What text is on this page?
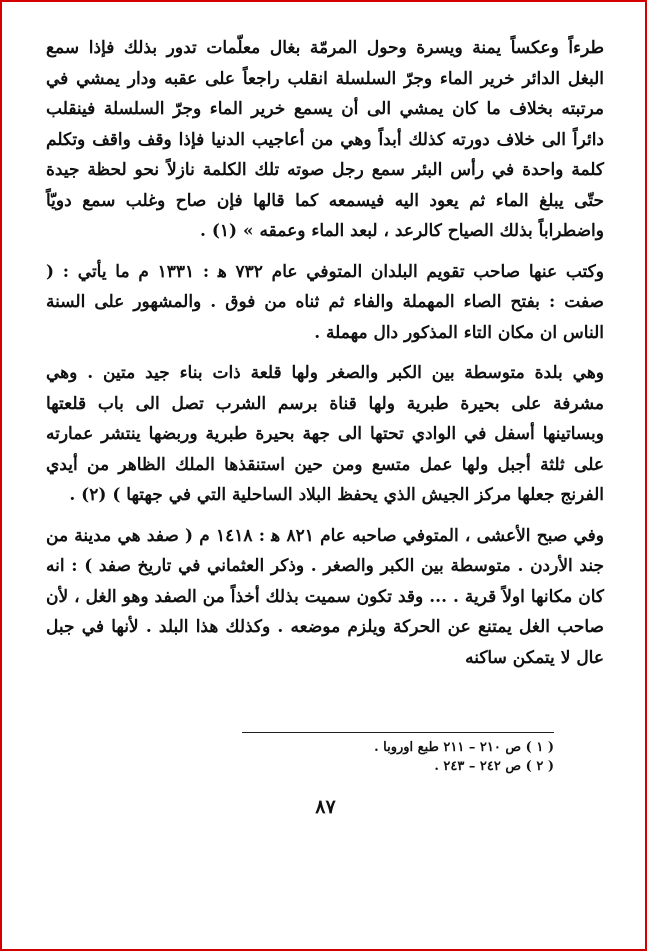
طرءاً وعكساً يمنة ويسرة وحول المرمّة بغال معلّمات تدور بذلك فإذا سمع البغل الدائر خرير الماء وجرّ السلسلة انقلب راجعاً على عقبه ودار يمشي في مرتبته بخلاف ما كان يمشي الى أن يسمع خرير الماء وجرّ السلسلة فينقلب دائراً الى خلاف دورته كذلك أبداً وهي من أعاجيب الدنيا فإذا وقف واقف وتكلم كلمة واحدة في رأس البئر سمع رجل صوته تلك الكلمة نازلاً نحو لحظة جيدة حتّى يبلغ الماء ثم يعود اليه فيسمعه كما قالها فإن صاح وغلب سمع دويّاً واضطراباً بذلك الصياح كالرعد ، لبعد الماء وعمقه » (١) .

وكتب عنها صاحب تقويم البلدان المتوفي عام ٧٣٢ ﻫ : ١٣٣١ م ما يأتي : ( صفت : بفتح الصاء المهملة والفاء ثم ثناه من فوق . والمشهور على السنة الناس ان مكان التاء المذكور دال مهملة .

وهي بلدة متوسطة بين الكبر والصغر ولها قلعة ذات بناء جيد متين . وهي مشرفة على بحيرة طبرية ولها قناة برسم الشرب تصل الى باب قلعتها وبساتينها أسفل في الوادي تحتها الى جهة بحيرة طبرية وربضها ينتشر عمارته على ثلثة أجبل ولها عمل متسع ومن حين استنقذها الملك الظاهر من أيدي الفرنج جعلها مركز الجيش الذي يحفظ البلاد الساحلية التي في جهتها ) (٢) .

وفي صبح الأعشى ، المتوفي صاحبه عام ٨٢١ ﻫ : ١٤١٨ م ( صفد هي مدينة من جند الأردن . متوسطة بين الكبر والصغر . وذكر العثماني في تاريخ صفد ) : انه كان مكانها اولاً قرية . ... وقد تكون سميت بذلك أخذاً من الصفد وهو الغل ، لأن صاحب الغل يمتنع عن الحركة ويلزم موضعه . وكذلك هذا البلد . لأنها في جبل عال لا يتمكن ساكنه

( ١ ) ص ٢١٠ – ٢١١ طبع اوروبا .

( ٢ ) ص ٢٤٢ – ٢٤٣ .

٨٧
